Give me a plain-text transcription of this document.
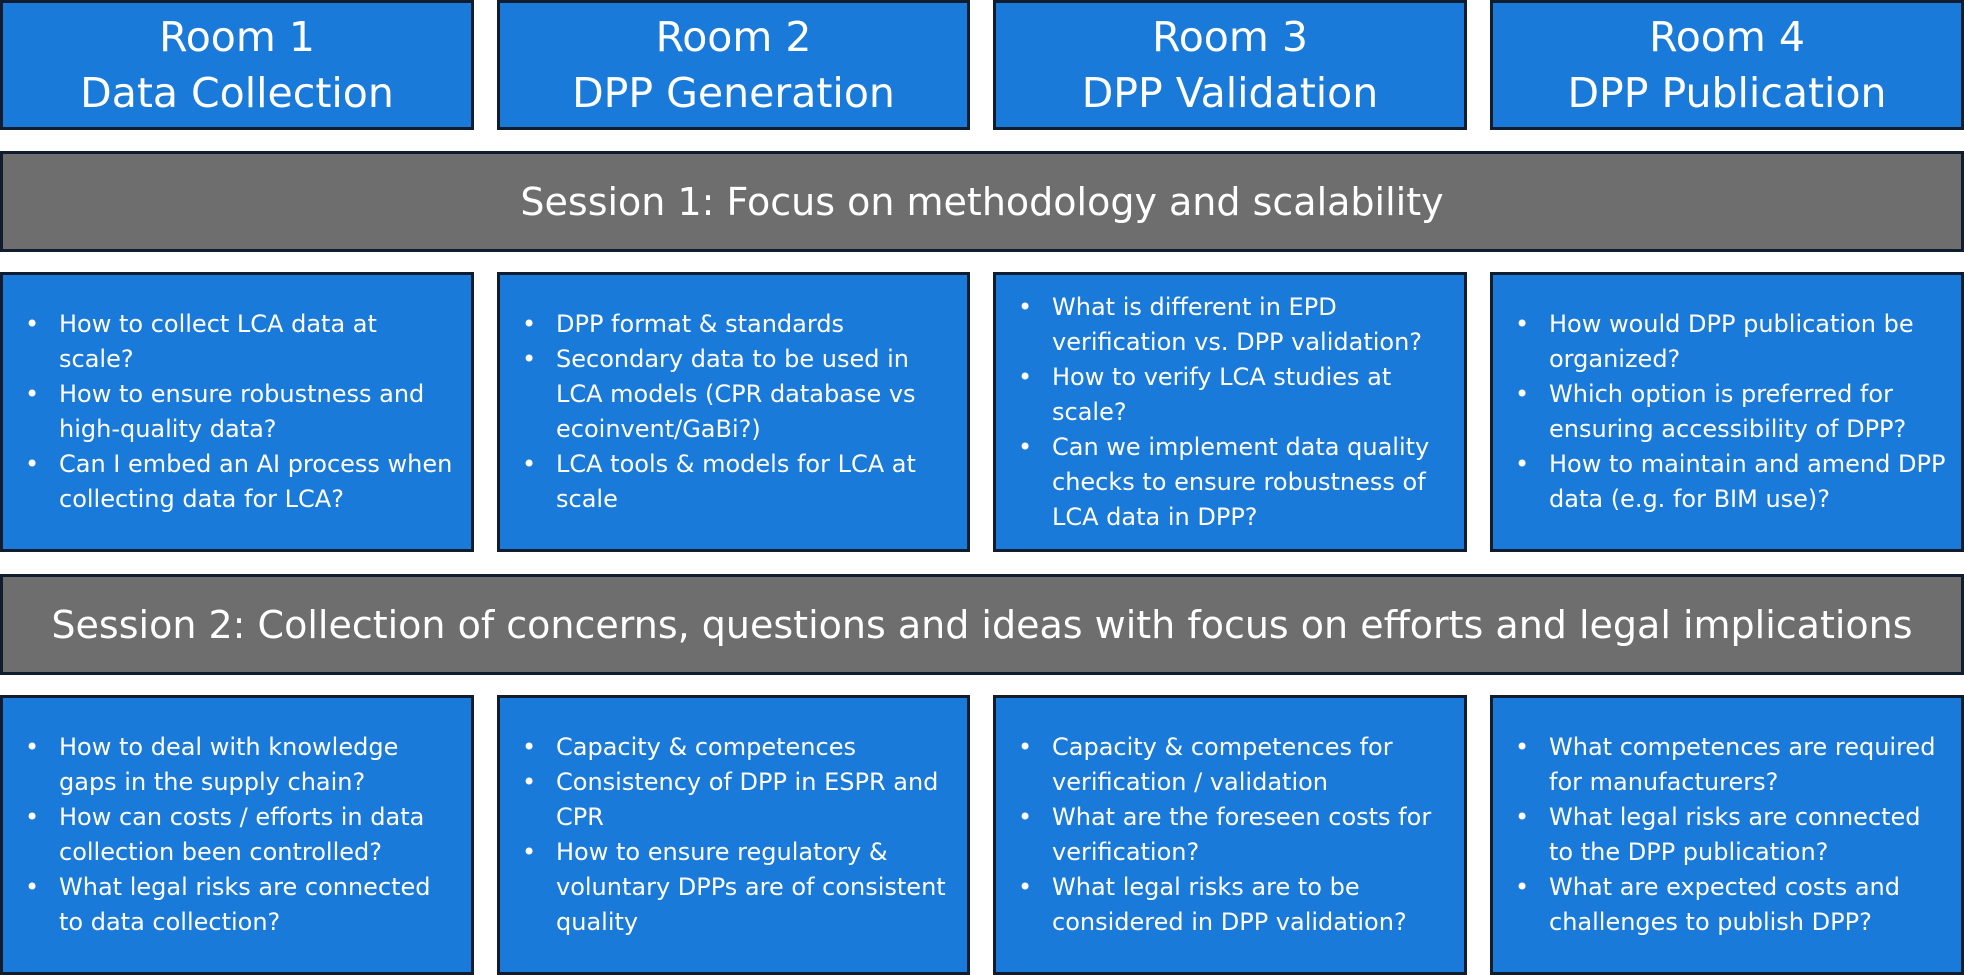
Room 1
Data Collection
Room 2
DPP Generation
Room 3
DPP Validation
Room 4
DPP Publication
Session 1: Focus on methodology and scalability
• How to collect LCA data at scale?
• How to ensure robustness and high-quality data?
• Can I embed an AI process when collecting data for LCA?
• DPP format & standards
• Secondary data to be used in LCA models (CPR database vs ecoinvent/GaBi?)
• LCA tools & models for LCA at scale
• What is different in EPD verification vs. DPP validation?
• How to verify LCA studies at scale?
• Can we implement data quality checks to ensure robustness of LCA data in DPP?
• How would DPP publication be organized?
• Which option is preferred for ensuring accessibility of DPP?
• How to maintain and amend DPP data (e.g. for BIM use)?
Session 2: Collection of concerns, questions and ideas with focus on efforts and legal implications
• How to deal with knowledge gaps in the supply chain?
• How can costs / efforts in data collection been controlled?
• What legal risks are connected to data collection?
• Capacity & competences
• Consistency of DPP in ESPR and CPR
• How to ensure regulatory & voluntary DPPs are of consistent quality
• Capacity & competences for verification / validation
• What are the foreseen costs for verification?
• What legal risks are to be considered in DPP validation?
• What competences are required for manufacturers?
• What legal risks are connected to the DPP publication?
• What are expected costs and challenges to publish DPP?
